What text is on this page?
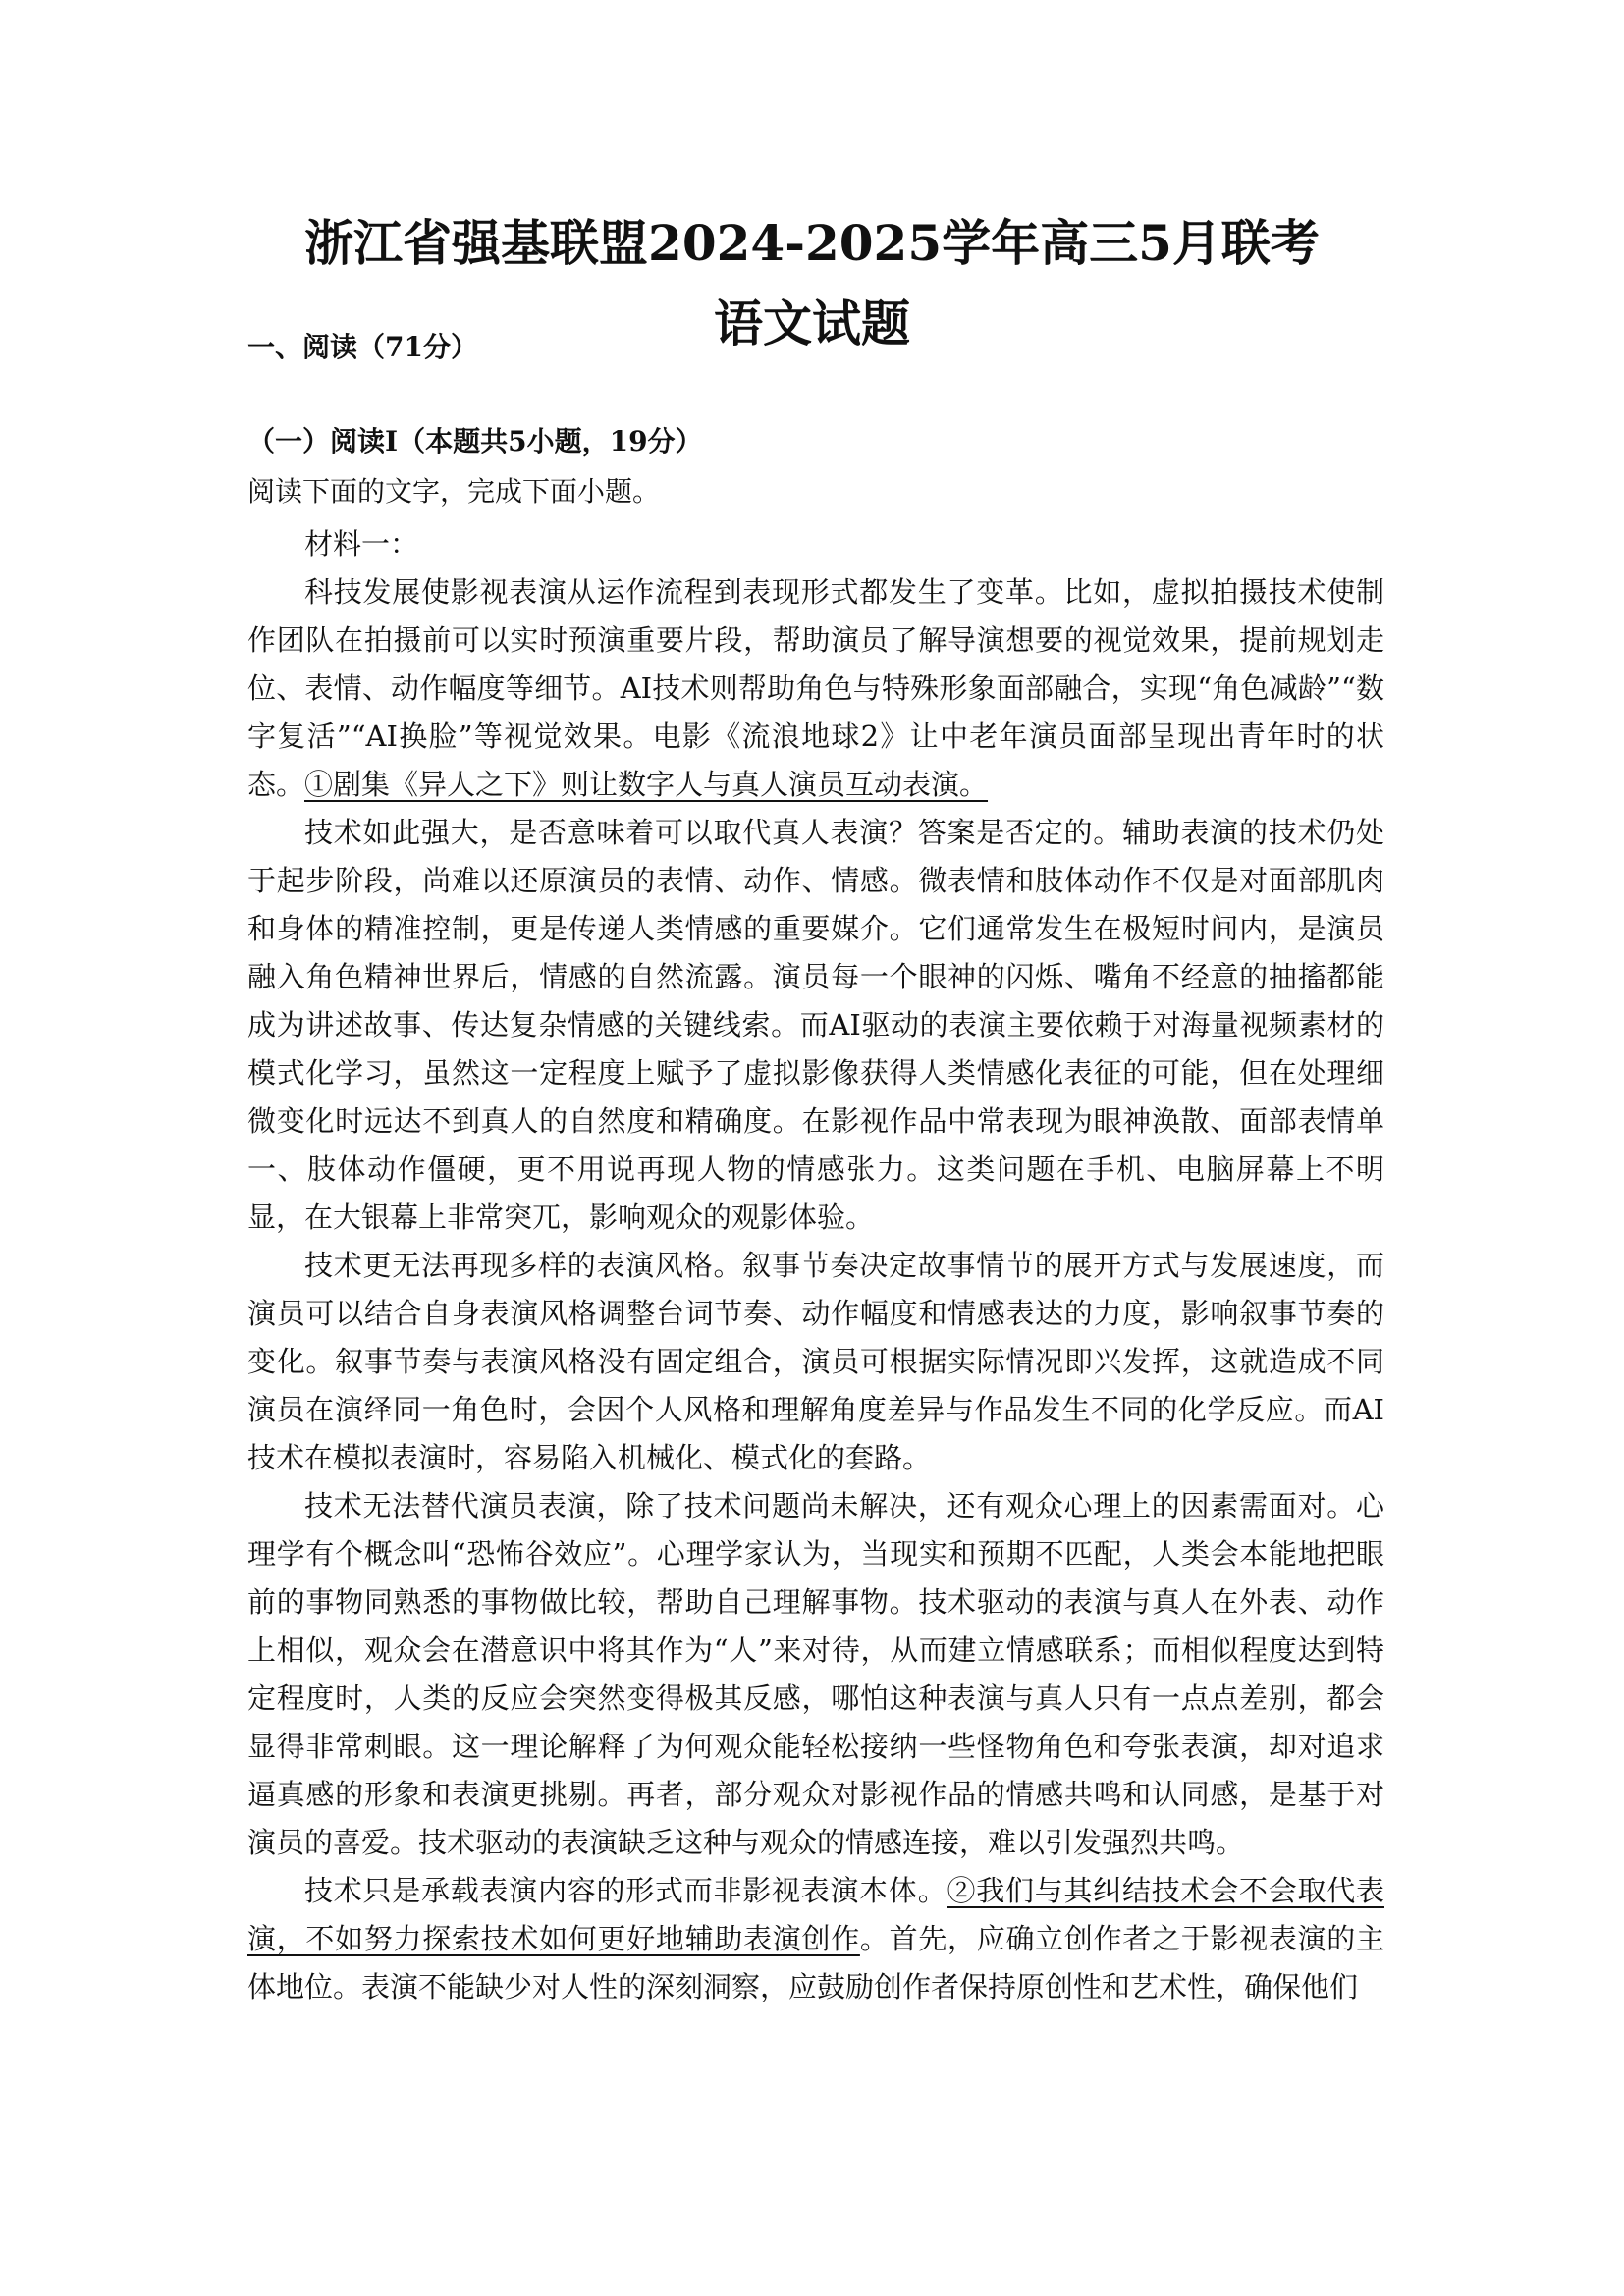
浙江省强基联盟2024-2025学年高三5月联考
语文试题

一、阅读（71分）

（一）阅读Ⅰ（本题共5小题，19分）

阅读下面的文字，完成下面小题。

材料一：

科技发展使影视表演从运作流程到表现形式都发生了变革。比如，虚拟拍摄技术使制作团队在拍摄前可以实时预演重要片段，帮助演员了解导演想要的视觉效果，提前规划走位、表情、动作幅度等细节。AI技术则帮助角色与特殊形象面部融合，实现“角色减龄”“数字复活”“AI换脸”等视觉效果。电影《流浪地球2》让中老年演员面部呈现出青年时的状态。①剧集《异人之下》则让数字人与真人演员互动表演。

技术如此强大，是否意味着可以取代真人表演？答案是否定的。辅助表演的技术仍处于起步阶段，尚难以还原演员的表情、动作、情感。微表情和肢体动作不仅是对面部肌肉和身体的精准控制，更是传递人类情感的重要媒介。它们通常发生在极短时间内，是演员融入角色精神世界后，情感的自然流露。演员每一个眼神的闪烁、嘴角不经意的抽搐都能成为讲述故事、传达复杂情感的关键线索。而AI驱动的表演主要依赖于对海量视频素材的模式化学习，虽然这一定程度上赋予了虚拟影像获得人类情感化表征的可能，但在处理细微变化时远达不到真人的自然度和精确度。在影视作品中常表现为眼神涣散、面部表情单一、肢体动作僵硬，更不用说再现人物的情感张力。这类问题在手机、电脑屏幕上不明显，在大银幕上非常突兀，影响观众的观影体验。

技术更无法再现多样的表演风格。叙事节奏决定故事情节的展开方式与发展速度，而演员可以结合自身表演风格调整台词节奏、动作幅度和情感表达的力度，影响叙事节奏的变化。叙事节奏与表演风格没有固定组合，演员可根据实际情况即兴发挥，这就造成不同演员在演绎同一角色时，会因个人风格和理解角度差异与作品发生不同的化学反应。而AI技术在模拟表演时，容易陷入机械化、模式化的套路。

技术无法替代演员表演，除了技术问题尚未解决，还有观众心理上的因素需面对。心理学有个概念叫“恐怖谷效应”。心理学家认为，当现实和预期不匹配，人类会本能地把眼前的事物同熟悉的事物做比较，帮助自己理解事物。技术驱动的表演与真人在外表、动作上相似，观众会在潜意识中将其作为“人”来对待，从而建立情感联系；而相似程度达到特定程度时，人类的反应会突然变得极其反感，哪怕这种表演与真人只有一点点差别，都会显得非常刺眼。这一理论解释了为何观众能轻松接纳一些怪物角色和夸张表演，却对追求逼真感的形象和表演更挑剔。再者，部分观众对影视作品的情感共鸣和认同感，是基于对演员的喜爱。技术驱动的表演缺乏这种与观众的情感连接，难以引发强烈共鸣。

技术只是承载表演内容的形式而非影视表演本体。②我们与其纠结技术会不会取代表演，不如努力探索技术如何更好地辅助表演创作。首先，应确立创作者之于影视表演的主体地位。表演不能缺少对人性的深刻洞察，应鼓励创作者保持原创性和艺术性，确保他们
